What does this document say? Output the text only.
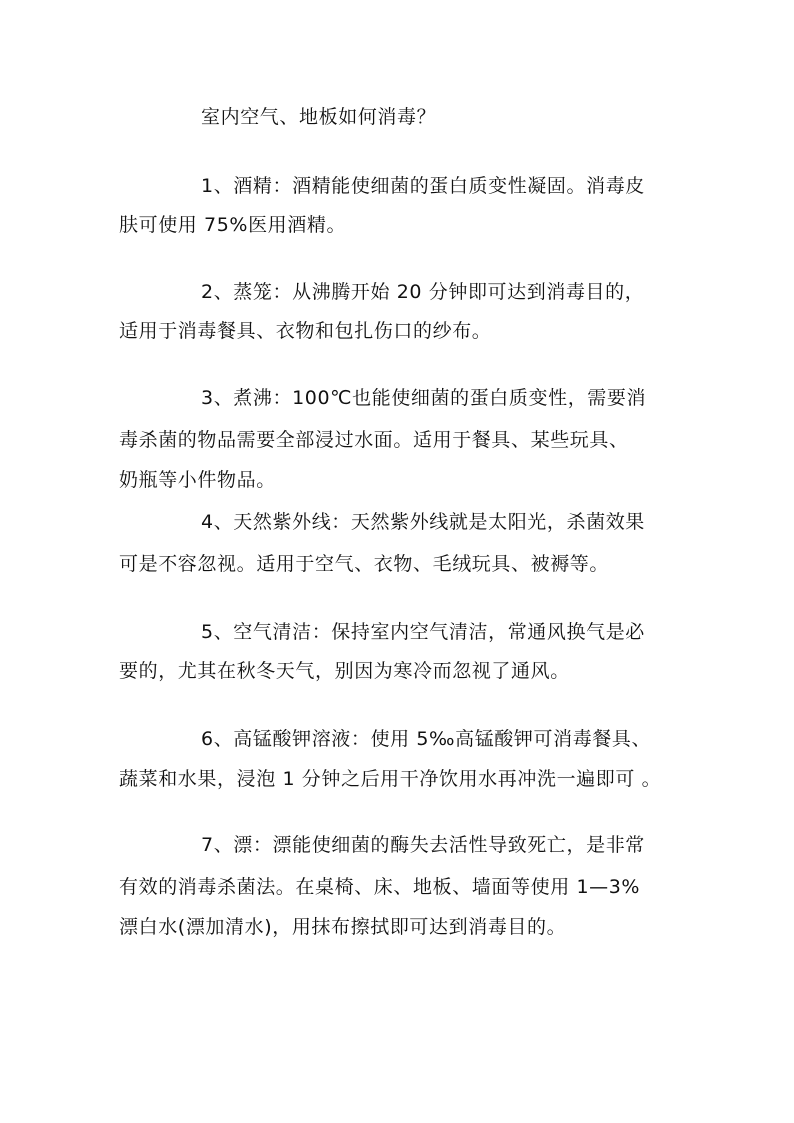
室内空气、地板如何消毒？
1、酒精：酒精能使细菌的蛋白质变性凝固。消毒皮
肤可使用 75%医用酒精。
2、蒸笼：从沸腾开始 20 分钟即可达到消毒目的，
适用于消毒餐具、衣物和包扎伤口的纱布。
3、煮沸：100℃也能使细菌的蛋白质变性，需要消
毒杀菌的物品需要全部浸过水面。适用于餐具、某些玩具、
奶瓶等小件物品。
4、天然紫外线：天然紫外线就是太阳光，杀菌效果
可是不容忽视。适用于空气、衣物、毛绒玩具、被褥等。
5、空气清洁：保持室内空气清洁，常通风换气是必
要的，尤其在秋冬天气，别因为寒冷而忽视了通风。
6、高锰酸钾溶液：使用 5‰高锰酸钾可消毒餐具、
蔬菜和水果，浸泡 1 分钟之后用干净饮用水再冲洗一遍即可 。
7、漂：漂能使细菌的酶失去活性导致死亡，是非常
有效的消毒杀菌法。在桌椅、床、地板、墙面等使用 1—3%
漂白水(漂加清水)，用抹布擦拭即可达到消毒目的。
